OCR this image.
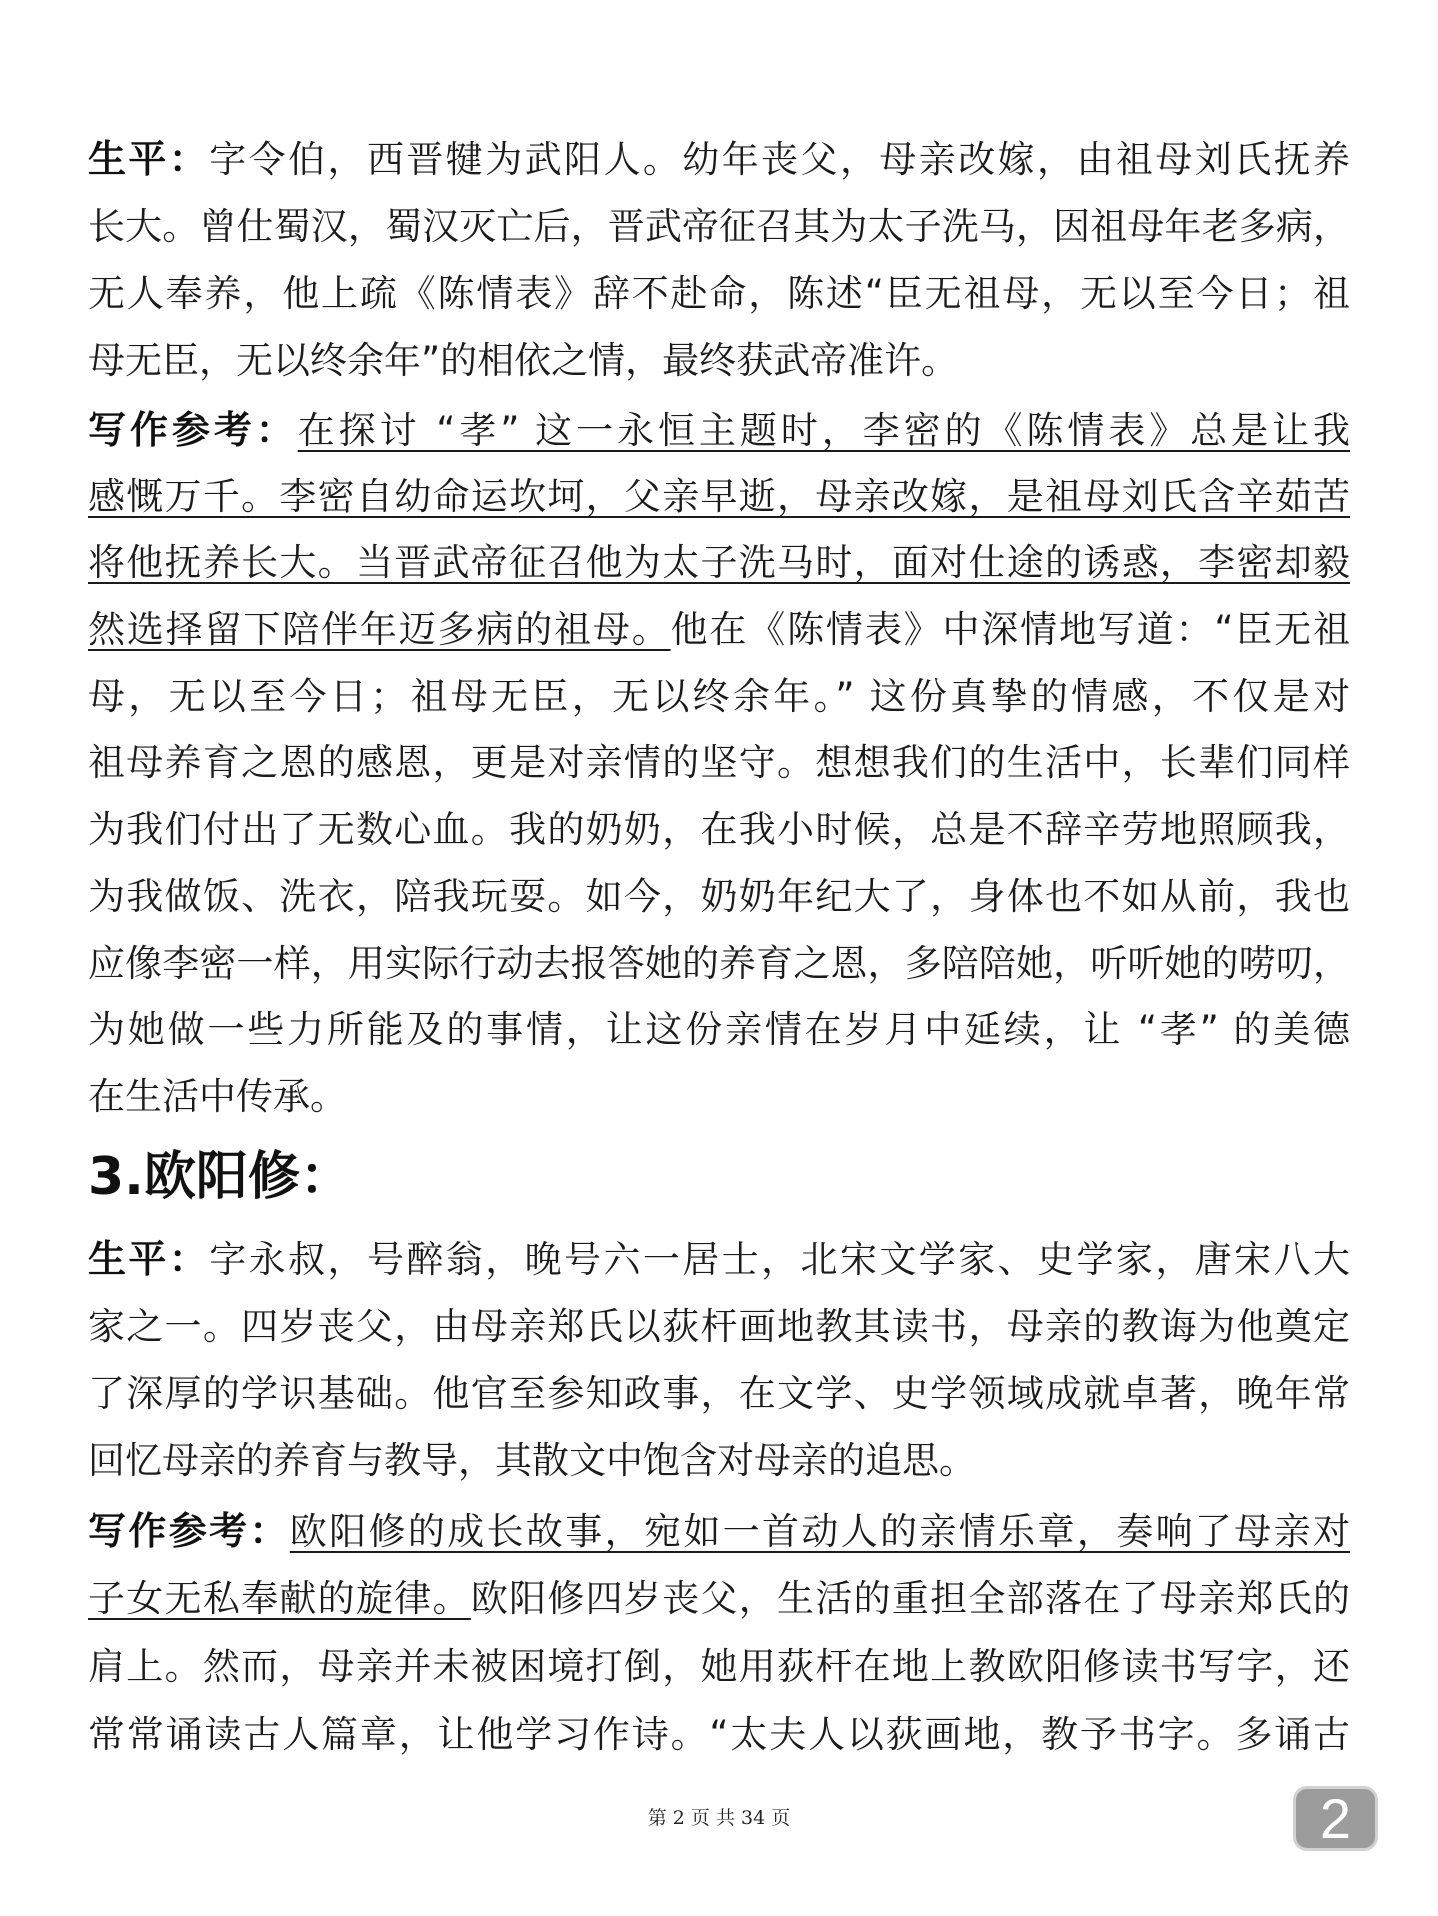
生平：字令伯，西晋犍为武阳人。幼年丧父，母亲改嫁，由祖母刘氏抚养
长大。曾仕蜀汉，蜀汉灭亡后，晋武帝征召其为太子洗马，因祖母年老多病，
无人奉养，他上疏《陈情表》辞不赴命，陈述“臣无祖母，无以至今日；祖
母无臣，无以终余年”的相依之情，最终获武帝准许。
写作参考：在探讨 “孝” 这一永恒主题时，李密的《陈情表》总是让我
感慨万千。李密自幼命运坎坷，父亲早逝，母亲改嫁，是祖母刘氏含辛茹苦
将他抚养长大。当晋武帝征召他为太子洗马时，面对仕途的诱惑，李密却毅
然选择留下陪伴年迈多病的祖母。他在《陈情表》中深情地写道：“臣无祖
母，无以至今日；祖母无臣，无以终余年。” 这份真挚的情感，不仅是对
祖母养育之恩的感恩，更是对亲情的坚守。想想我们的生活中，长辈们同样
为我们付出了无数心血。我的奶奶，在我小时候，总是不辞辛劳地照顾我，
为我做饭、洗衣，陪我玩耍。如今，奶奶年纪大了，身体也不如从前，我也
应像李密一样，用实际行动去报答她的养育之恩，多陪陪她，听听她的唠叨，
为她做一些力所能及的事情，让这份亲情在岁月中延续，让 “孝” 的美德
在生活中传承。
3.欧阳修：
生平：字永叔，号醉翁，晚号六一居士，北宋文学家、史学家，唐宋八大
家之一。四岁丧父，由母亲郑氏以荻杆画地教其读书，母亲的教诲为他奠定
了深厚的学识基础。他官至参知政事，在文学、史学领域成就卓著，晚年常
回忆母亲的养育与教导，其散文中饱含对母亲的追思。
写作参考：欧阳修的成长故事，宛如一首动人的亲情乐章，奏响了母亲对
子女无私奉献的旋律。欧阳修四岁丧父，生活的重担全部落在了母亲郑氏的
肩上。然而，母亲并未被困境打倒，她用荻杆在地上教欧阳修读书写字，还
常常诵读古人篇章，让他学习作诗。“太夫人以荻画地，教予书字。多诵古
第 2 页 共 34 页	2
